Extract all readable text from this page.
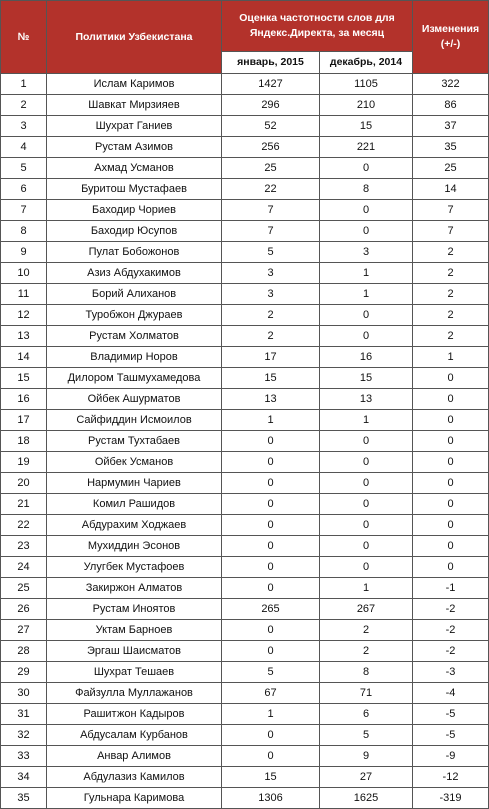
№	Политики Узбекистана	Оценка частотности слов для Яндекс.Директа, за месяц		Изменения (+/-)
		январь, 2015	декабрь, 2014	
1	Ислам Каримов	1427	1105	322
2	Шавкат Мирзияев	296	210	86
3	Шухрат Ганиев	52	15	37
4	Рустам Азимов	256	221	35
5	Ахмад Усманов	25	0	25
6	Буритош Мустафаев	22	8	14
7	Баходир Чориев	7	0	7
8	Баходир Юсупов	7	0	7
9	Пулат Бобожонов	5	3	2
10	Азиз Абдухакимов	3	1	2
11	Борий Алиханов	3	1	2
12	Туробжон Джураев	2	0	2
13	Рустам Холматов	2	0	2
14	Владимир Норов	17	16	1
15	Дилором Ташмухамедова	15	15	0
16	Ойбек Ашурматов	13	13	0
17	Сайфиддин Исмоилов	1	1	0
18	Рустам Тухтабаев	0	0	0
19	Ойбек Усманов	0	0	0
20	Нармумин Чариев	0	0	0
21	Комил Рашидов	0	0	0
22	Абдурахим Ходжаев	0	0	0
23	Мухиддин Эсонов	0	0	0
24	Улугбек Мустафоев	0	0	0
25	Закиржон Алматов	0	1	-1
26	Рустам Иноятов	265	267	-2
27	Уктам Барноев	0	2	-2
28	Эргаш Шаисматов	0	2	-2
29	Шухрат Тешаев	5	8	-3
30	Файзулла Муллажанов	67	71	-4
31	Рашитжон Кадыров	1	6	-5
32	Абдусалам Курбанов	0	5	-5
33	Анвар Алимов	0	9	-9
34	Абдулазиз Камилов	15	27	-12
35	Гульнара Каримова	1306	1625	-319
